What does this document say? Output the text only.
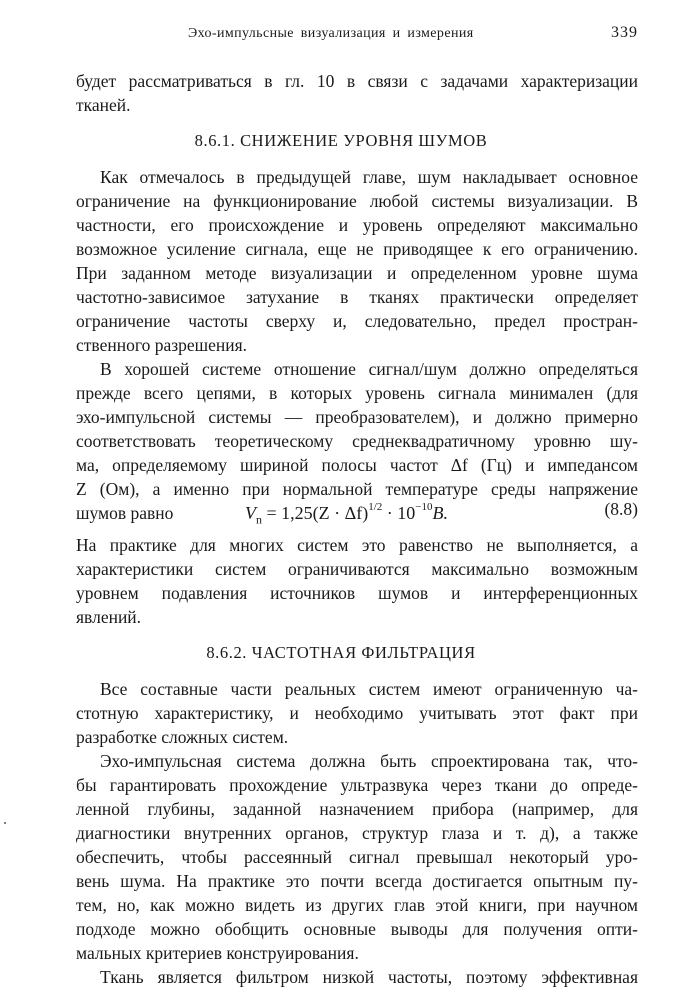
Эхо-импульсные визуализация и измерения	339
будет рассматриваться в гл. 10 в связи с задачами характеризации
тканей.
8.6.1. СНИЖЕНИЕ УРОВНЯ ШУМОВ
Как отмечалось в предыдущей главе, шум накладывает основное
ограничение на функционирование любой системы визуализации. В
частности, его происхождение и уровень определяют максимально
возможное усиление сигнала, еще не приводящее к его ограничению.
При заданном методе визуализации и определенном уровне шума
частотно-зависимое затухание в тканях практически определяет
ограничение частоты сверху и, следовательно, предел простран-
ственного разрешения.
В хорошей системе отношение сигнал/шум должно определяться
прежде всего цепями, в которых уровень сигнала минимален (для
эхо-импульсной системы — преобразователем), и должно примерно
соответствовать теоретическому среднеквадратичному уровню шу-
ма, определяемому шириной полосы частот Δf (Гц) и импедансом
Z (Ом), а именно при нормальной температуре среды напряжение
шумов равно	$V_n = 1,25(Z \cdot \Delta f)^{1/2} \cdot 10^{-10}B$.	(8.8)
На практике для многих систем это равенство не выполняется, а
характеристики систем ограничиваются максимально возможным
уровнем подавления источников шумов и интерференционных
явлений.
8.6.2. ЧАСТОТНАЯ ФИЛЬТРАЦИЯ
Все составные части реальных систем имеют ограниченную ча-
стотную характеристику, и необходимо учитывать этот факт при
разработке сложных систем.
Эхо-импульсная система должна быть спроектирована так, что-
бы гарантировать прохождение ультразвука через ткани до опреде-
ленной глубины, заданной назначением прибора (например, для
диагностики внутренних органов, структур глаза и т. д), а также
обеспечить, чтобы рассеянный сигнал превышал некоторый уро-
вень шума. На практике это почти всегда достигается опытным пу-
тем, но, как можно видеть из других глав этой книги, при научном
подходе можно обобщить основные выводы для получения опти-
мальных критериев конструирования.
Ткань является фильтром низкой частоты, поэтому эффективная
